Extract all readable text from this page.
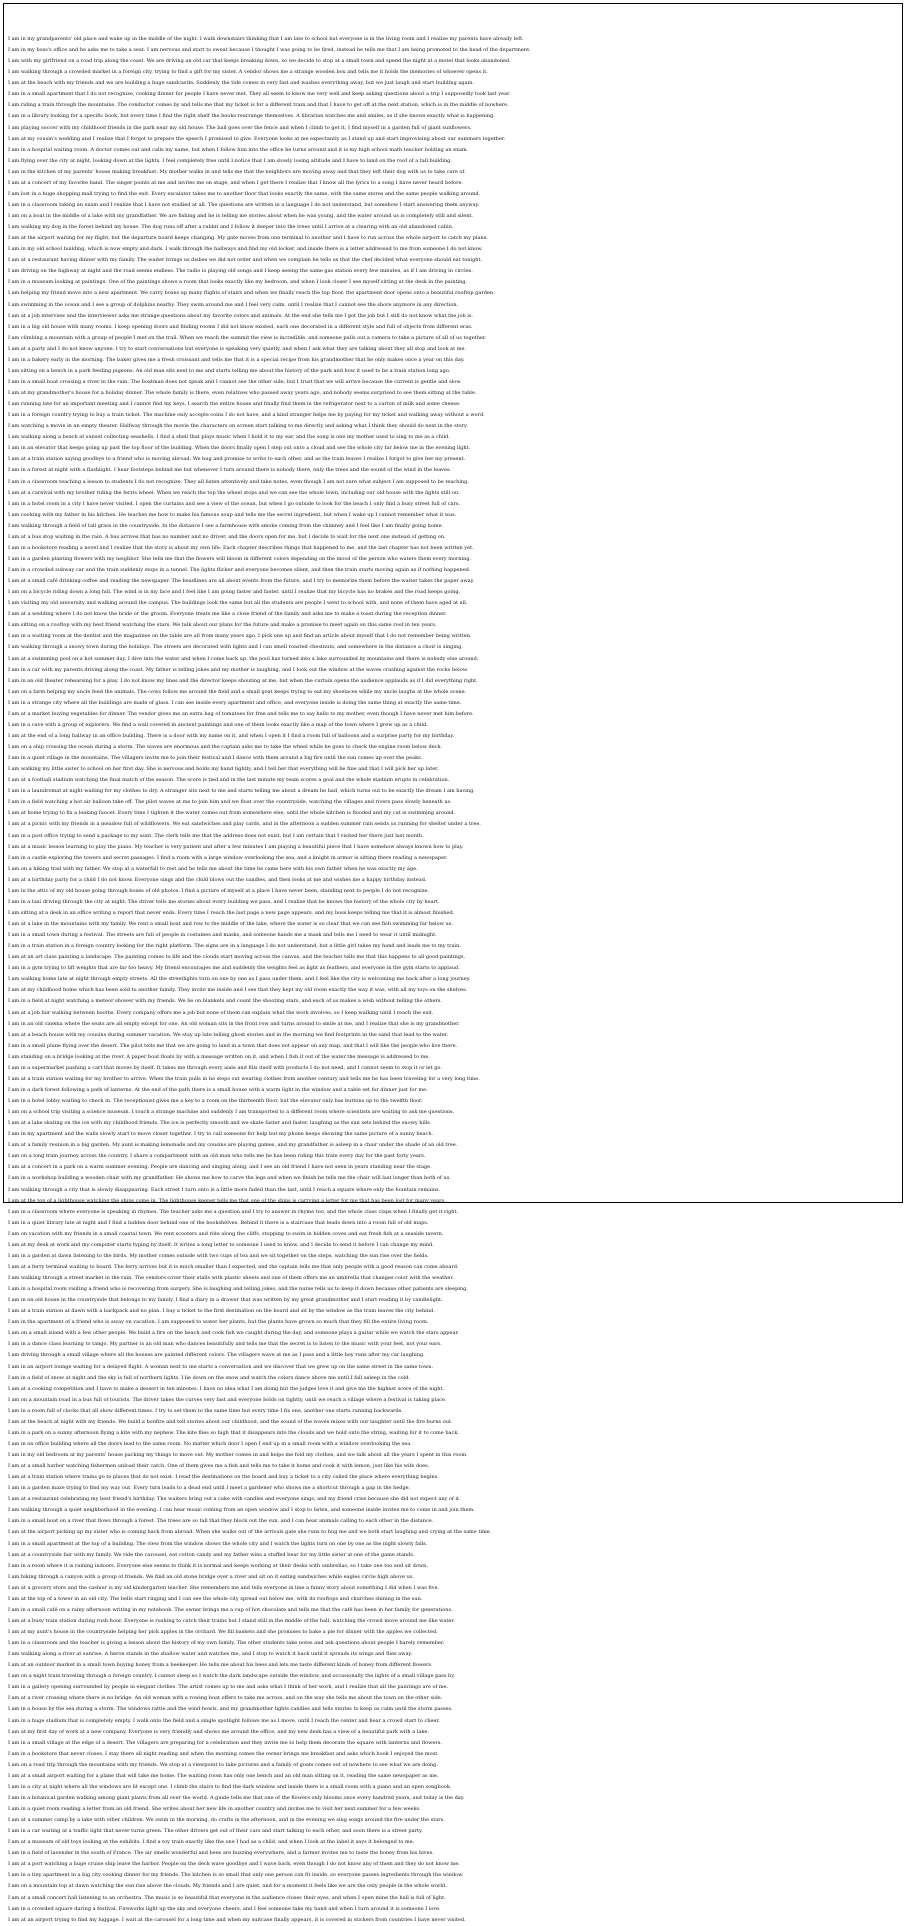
I am in my grandparents' old place and wake up in the middle of the night. I walk downstairs thinking that I am late to school but everyone is in the living room and I realize my parents have already left.
I am in my boss's office and he asks me to take a seat. I am nervous and start to sweat because I thought I was going to be fired, instead he tells me that I am being promoted to the head of the department.
I am with my girlfriend on a road trip along the coast. We are driving an old car that keeps breaking down, so we decide to stop at a small town and spend the night at a motel that looks abandoned.
I am walking through a crowded market in a foreign city, trying to find a gift for my sister. A vendor shows me a strange wooden box and tells me it holds the memories of whoever opens it.
I am at the beach with my friends and we are building a huge sandcastle. Suddenly the tide comes in very fast and washes everything away, but we just laugh and start building again.
I am in a small apartment that I do not recognize, cooking dinner for people I have never met. They all seem to know me very well and keep asking questions about a trip I supposedly took last year.
I am riding a train through the mountains. The conductor comes by and tells me that my ticket is for a different train and that I have to get off at the next station, which is in the middle of nowhere.
I am in a library looking for a specific book, but every time I find the right shelf the books rearrange themselves. A librarian watches me and smiles, as if she knows exactly what is happening.
I am playing soccer with my childhood friends in the park near my old house. The ball goes over the fence and when I climb to get it, I find myself in a garden full of giant sunflowers.
I am at my cousin's wedding and I realize that I forgot to prepare the speech I promised to give. Everyone looks at me expectantly as I stand up and start improvising about our summers together.
I am in a hospital waiting room. A doctor comes out and calls my name, but when I follow him into the office he turns around and it is my high school math teacher holding an exam.
I am flying over the city at night, looking down at the lights. I feel completely free until I notice that I am slowly losing altitude and I have to land on the roof of a tall building.
I am in the kitchen of my parents' house making breakfast. My mother walks in and tells me that the neighbors are moving away and that they left their dog with us to take care of.
I am at a concert of my favorite band. The singer points at me and invites me on stage, and when I get there I realize that I know all the lyrics to a song I have never heard before.
I am lost in a huge shopping mall trying to find the exit. Every escalator takes me to another floor that looks exactly the same, with the same stores and the same people walking around.
I am in a classroom taking an exam and I realize that I have not studied at all. The questions are written in a language I do not understand, but somehow I start answering them anyway.
I am on a boat in the middle of a lake with my grandfather. We are fishing and he is telling me stories about when he was young, and the water around us is completely still and silent.
I am walking my dog in the forest behind my house. The dog runs off after a rabbit and I follow it deeper into the trees until I arrive at a clearing with an old abandoned cabin.
I am at the airport waiting for my flight, but the departure board keeps changing. My gate moves from one terminal to another and I have to run across the whole airport to catch my plane.
I am in my old school building, which is now empty and dark. I walk through the hallways and find my old locker, and inside there is a letter addressed to me from someone I do not know.
I am at a restaurant having dinner with my family. The waiter brings us dishes we did not order and when we complain he tells us that the chef decided what everyone should eat tonight.
I am driving on the highway at night and the road seems endless. The radio is playing old songs and I keep seeing the same gas station every few minutes, as if I am driving in circles.
I am in a museum looking at paintings. One of the paintings shows a room that looks exactly like my bedroom, and when I look closer I see myself sitting at the desk in the painting.
I am helping my friend move into a new apartment. We carry boxes up many flights of stairs and when we finally reach the top floor, the apartment door opens onto a beautiful rooftop garden.
I am swimming in the ocean and I see a group of dolphins nearby. They swim around me and I feel very calm, until I realize that I cannot see the shore anymore in any direction.
I am at a job interview and the interviewer asks me strange questions about my favorite colors and animals. At the end she tells me I got the job but I still do not know what the job is.
I am in a big old house with many rooms. I keep opening doors and finding rooms I did not know existed, each one decorated in a different style and full of objects from different eras.
I am climbing a mountain with a group of people I met on the trail. When we reach the summit the view is incredible, and someone pulls out a camera to take a picture of all of us together.
I am at a party and I do not know anyone. I try to start conversations but everyone is speaking very quietly, and when I ask what they are talking about they all stop and look at me.
I am in a bakery early in the morning. The baker gives me a fresh croissant and tells me that it is a special recipe from his grandmother that he only makes once a year on this day.
I am sitting on a bench in a park feeding pigeons. An old man sits next to me and starts telling me about the history of the park and how it used to be a train station long ago.
I am in a small boat crossing a river in the rain. The boatman does not speak and I cannot see the other side, but I trust that we will arrive because the current is gentle and slow.
I am at my grandmother's house for a holiday dinner. The whole family is there, even relatives who passed away years ago, and nobody seems surprised to see them sitting at the table.
I am running late for an important meeting and I cannot find my keys. I search the entire house and finally find them in the refrigerator next to a carton of milk and some cheese.
I am in a foreign country trying to buy a train ticket. The machine only accepts coins I do not have, and a kind stranger helps me by paying for my ticket and walking away without a word.
I am watching a movie in an empty theater. Halfway through the movie the characters on screen start talking to me directly and asking what I think they should do next in the story.
I am walking along a beach at sunset collecting seashells. I find a shell that plays music when I hold it to my ear, and the song is one my mother used to sing to me as a child.
I am in an elevator that keeps going up past the top floor of the building. When the doors finally open I step out onto a cloud and see the whole city far below me in the evening light.
I am at a train station saying goodbye to a friend who is moving abroad. We hug and promise to write to each other, and as the train leaves I realize I forgot to give her my present.
I am in a forest at night with a flashlight. I hear footsteps behind me but whenever I turn around there is nobody there, only the trees and the sound of the wind in the leaves.
I am in a classroom teaching a lesson to students I do not recognize. They all listen attentively and take notes, even though I am not sure what subject I am supposed to be teaching.
I am at a carnival with my brother riding the ferris wheel. When we reach the top the wheel stops and we can see the whole town, including our old house with the lights still on.
I am in a hotel room in a city I have never visited. I open the curtains and see a view of the ocean, but when I go outside to look for the beach I only find a busy street full of cars.
I am cooking with my father in his kitchen. He teaches me how to make his famous soup and tells me the secret ingredient, but when I wake up I cannot remember what it was.
I am walking through a field of tall grass in the countryside. In the distance I see a farmhouse with smoke coming from the chimney and I feel like I am finally going home.
I am at a bus stop waiting in the rain. A bus arrives that has no number and no driver, and the doors open for me, but I decide to wait for the next one instead of getting on.
I am in a bookstore reading a novel and I realize that the story is about my own life. Each chapter describes things that happened to me, and the last chapter has not been written yet.
I am in a garden planting flowers with my neighbor. She tells me that the flowers will bloom in different colors depending on the mood of the person who waters them every morning.
I am in a crowded subway car and the train suddenly stops in a tunnel. The lights flicker and everyone becomes silent, and then the train starts moving again as if nothing happened.
I am at a small café drinking coffee and reading the newspaper. The headlines are all about events from the future, and I try to memorize them before the waiter takes the paper away.
I am on a bicycle riding down a long hill. The wind is in my face and I feel like I am going faster and faster, until I realize that my bicycle has no brakes and the road keeps going.
I am visiting my old university and walking around the campus. The buildings look the same but all the students are people I went to school with, and none of them have aged at all.
I am at a wedding where I do not know the bride or the groom. Everyone treats me like a close friend of the family and asks me to make a toast during the reception dinner.
I am sitting on a rooftop with my best friend watching the stars. We talk about our plans for the future and make a promise to meet again on this same roof in ten years.
I am in a waiting room at the dentist and the magazines on the table are all from many years ago. I pick one up and find an article about myself that I do not remember being written.
I am walking through a snowy town during the holidays. The streets are decorated with lights and I can smell roasted chestnuts, and somewhere in the distance a choir is singing.
I am at a swimming pool on a hot summer day. I dive into the water and when I come back up, the pool has turned into a lake surrounded by mountains and there is nobody else around.
I am in a car with my parents driving along the coast. My father is telling jokes and my mother is laughing, and I look out the window at the waves crashing against the rocks below.
I am in an old theater rehearsing for a play. I do not know my lines and the director keeps shouting at me, but when the curtain opens the audience applauds as if I did everything right.
I am on a farm helping my uncle feed the animals. The cows follow me around the field and a small goat keeps trying to eat my shoelaces while my uncle laughs at the whole scene.
I am in a strange city where all the buildings are made of glass. I can see inside every apartment and office, and everyone inside is doing the same thing at exactly the same time.
I am at a market buying vegetables for dinner. The vendor gives me an extra bag of tomatoes for free and tells me to say hello to my mother, even though I have never met him before.
I am in a cave with a group of explorers. We find a wall covered in ancient paintings and one of them looks exactly like a map of the town where I grew up as a child.
I am at the end of a long hallway in an office building. There is a door with my name on it, and when I open it I find a room full of balloons and a surprise party for my birthday.
I am on a ship crossing the ocean during a storm. The waves are enormous and the captain asks me to take the wheel while he goes to check the engine room below deck.
I am in a quiet village in the mountains. The villagers invite me to join their festival and I dance with them around a big fire until the sun comes up over the peaks.
I am walking my little sister to school on her first day. She is nervous and holds my hand tightly, and I tell her that everything will be fine and that I will pick her up later.
I am at a football stadium watching the final match of the season. The score is tied and in the last minute my team scores a goal and the whole stadium erupts in celebration.
I am in a laundromat at night waiting for my clothes to dry. A stranger sits next to me and starts telling me about a dream he had, which turns out to be exactly the dream I am having.
I am in a field watching a hot air balloon take off. The pilot waves at me to join him and we float over the countryside, watching the villages and rivers pass slowly beneath us.
I am at home trying to fix a leaking faucet. Every time I tighten it the water comes out from somewhere else, until the whole kitchen is flooded and my cat is swimming around.
I am at a picnic with my friends in a meadow full of wildflowers. We eat sandwiches and play cards, and in the afternoon a sudden summer rain sends us running for shelter under a tree.
I am in a post office trying to send a package to my aunt. The clerk tells me that the address does not exist, but I am certain that I visited her there just last month.
I am at a music lesson learning to play the piano. My teacher is very patient and after a few minutes I am playing a beautiful piece that I have somehow always known how to play.
I am in a castle exploring the towers and secret passages. I find a room with a large window overlooking the sea, and a knight in armor is sitting there reading a newspaper.
I am on a hiking trail with my father. We stop at a waterfall to rest and he tells me about the time he came here with his own father when he was exactly my age.
I am at a birthday party for a child I do not know. Everyone sings and the child blows out the candles, and then looks at me and wishes me a happy birthday instead.
I am in the attic of my old house going through boxes of old photos. I find a picture of myself at a place I have never been, standing next to people I do not recognize.
I am in a taxi driving through the city at night. The driver tells me stories about every building we pass, and I realize that he knows the history of the whole city by heart.
I am sitting at a desk in an office writing a report that never ends. Every time I reach the last page a new page appears, and my boss keeps telling me that it is almost finished.
I am at a lake in the mountains with my family. We rent a small boat and row to the middle of the lake, where the water is so clear that we can see fish swimming far below us.
I am in a small town during a festival. The streets are full of people in costumes and masks, and someone hands me a mask and tells me I need to wear it until midnight.
I am in a train station in a foreign country looking for the right platform. The signs are in a language I do not understand, but a little girl takes my hand and leads me to my train.
I am at an art class painting a landscape. The painting comes to life and the clouds start moving across the canvas, and the teacher tells me that this happens to all good paintings.
I am in a gym trying to lift weights that are far too heavy. My friend encourages me and suddenly the weights feel as light as feathers, and everyone in the gym starts to applaud.
I am walking home late at night through empty streets. All the streetlights turn on one by one as I pass under them, and I feel like the city is welcoming me back after a long journey.
I am at my childhood home which has been sold to another family. They invite me inside and I see that they kept my old room exactly the way it was, with all my toys on the shelves.
I am in a field at night watching a meteor shower with my friends. We lie on blankets and count the shooting stars, and each of us makes a wish without telling the others.
I am at a job fair walking between booths. Every company offers me a job but none of them can explain what the work involves, so I keep walking until I reach the exit.
I am in an old cinema where the seats are all empty except for one. An old woman sits in the front row and turns around to smile at me, and I realize that she is my grandmother.
I am at a beach house with my cousins during summer vacation. We stay up late telling ghost stories and in the morning we find footprints in the sand that lead to the water.
I am in a small plane flying over the desert. The pilot tells me that we are going to land in a town that does not appear on any map, and that I will like the people who live there.
I am standing on a bridge looking at the river. A paper boat floats by with a message written on it, and when I fish it out of the water the message is addressed to me.
I am in a supermarket pushing a cart that moves by itself. It takes me through every aisle and fills itself with products I do not need, and I cannot seem to stop it or let go.
I am at a train station waiting for my brother to arrive. When the train pulls in he steps out wearing clothes from another century and tells me he has been traveling for a very long time.
I am in a dark forest following a path of lanterns. At the end of the path there is a small house with a warm light in the window and a table set for dinner just for me.
I am in a hotel lobby waiting to check in. The receptionist gives me a key to a room on the thirteenth floor, but the elevator only has buttons up to the twelfth floor.
I am on a school trip visiting a science museum. I touch a strange machine and suddenly I am transported to a different room where scientists are waiting to ask me questions.
I am at a lake skating on the ice with my childhood friends. The ice is perfectly smooth and we skate faster and faster, laughing as the sun sets behind the snowy hills.
I am in my apartment and the walls slowly start to move closer together. I try to call someone for help but my phone keeps showing the same picture of a sunny beach.
I am at a family reunion in a big garden. My aunt is making lemonade and my cousins are playing games, and my grandfather is asleep in a chair under the shade of an old tree.
I am on a long train journey across the country. I share a compartment with an old man who tells me he has been riding this train every day for the past forty years.
I am at a concert in a park on a warm summer evening. People are dancing and singing along, and I see an old friend I have not seen in years standing near the stage.
I am in a workshop building a wooden chair with my grandfather. He shows me how to carve the legs and when we finish he tells me the chair will last longer than both of us.
I am walking through a city that is slowly disappearing. Each street I turn onto is a little more faded than the last, until I reach a square where only the fountain remains.
I am at the top of a lighthouse watching the ships come in. The lighthouse keeper tells me that one of the ships is carrying a letter for me that has been lost for many years.
I am in a classroom where everyone is speaking in rhymes. The teacher asks me a question and I try to answer in rhyme too, and the whole class claps when I finally get it right.
I am in a quiet library late at night and I find a hidden door behind one of the bookshelves. Behind it there is a staircase that leads down into a room full of old maps.
I am on vacation with my friends in a small coastal town. We rent scooters and ride along the cliffs, stopping to swim in hidden coves and eat fresh fish at a seaside tavern.
I am at my desk at work and my computer starts typing by itself. It writes a long letter to someone I used to know, and I decide to send it before I can change my mind.
I am in a garden at dawn listening to the birds. My mother comes outside with two cups of tea and we sit together on the steps, watching the sun rise over the fields.
I am at a ferry terminal waiting to board. The ferry arrives but it is much smaller than I expected, and the captain tells me that only people with a good reason can come aboard.
I am walking through a street market in the rain. The vendors cover their stalls with plastic sheets and one of them offers me an umbrella that changes color with the weather.
I am in a hospital room visiting a friend who is recovering from surgery. She is laughing and telling jokes, and the nurse tells us to keep it down because other patients are sleeping.
I am in an old house in the countryside that belongs to my family. I find a diary in a drawer that was written by my great grandmother and I start reading it by candlelight.
I am at a train station at dawn with a backpack and no plan. I buy a ticket to the first destination on the board and sit by the window as the train leaves the city behind.
I am in the apartment of a friend who is away on vacation. I am supposed to water her plants, but the plants have grown so much that they fill the entire living room.
I am on a small island with a few other people. We build a fire on the beach and cook fish we caught during the day, and someone plays a guitar while we watch the stars appear.
I am in a dance class learning to tango. My partner is an old man who dances beautifully and tells me that the secret is to listen to the music with your feet, not your ears.
I am driving through a small village where all the houses are painted different colors. The villagers wave at me as I pass and a little boy runs after my car laughing.
I am in an airport lounge waiting for a delayed flight. A woman next to me starts a conversation and we discover that we grew up on the same street in the same town.
I am in a field of snow at night and the sky is full of northern lights. I lie down on the snow and watch the colors dance above me until I fall asleep in the cold.
I am at a cooking competition and I have to make a dessert in ten minutes. I have no idea what I am doing but the judges love it and give me the highest score of the night.
I am on a mountain road in a bus full of tourists. The driver takes the curves very fast and everyone holds on tightly, until we reach a village where a festival is taking place.
I am in a room full of clocks that all show different times. I try to set them to the same time but every time I fix one, another one starts running backwards.
I am at the beach at night with my friends. We build a bonfire and tell stories about our childhood, and the sound of the waves mixes with our laughter until the fire burns out.
I am in a park on a sunny afternoon flying a kite with my nephew. The kite flies so high that it disappears into the clouds and we hold onto the string, waiting for it to come back.
I am in an office building where all the doors lead to the same room. No matter which door I open I end up in a small room with a window overlooking the sea.
I am in my old bedroom at my parents' house packing my things to move out. My mother comes in and helps me fold my clothes, and we talk about all the years I spent in this room.
I am at a small harbor watching fishermen unload their catch. One of them gives me a fish and tells me to take it home and cook it with lemon, just like his wife does.
I am at a train station where trains go to places that do not exist. I read the destinations on the board and buy a ticket to a city called the place where everything begins.
I am in a garden maze trying to find my way out. Every turn leads to a dead end until I meet a gardener who shows me a shortcut through a gap in the hedge.
I am at a restaurant celebrating my best friend's birthday. The waiters bring out a cake with candles and everyone sings, and my friend cries because she did not expect any of it.
I am walking through a quiet neighborhood in the evening. I can hear music coming from an open window and I stop to listen, and someone inside invites me to come in and join them.
I am in a small boat on a river that flows through a forest. The trees are so tall that they block out the sun, and I can hear animals calling to each other in the distance.
I am at the airport picking up my sister who is coming back from abroad. When she walks out of the arrivals gate she runs to hug me and we both start laughing and crying at the same time.
I am in a small apartment at the top of a building. The view from the window shows the whole city and I watch the lights turn on one by one as the night slowly falls.
I am at a countryside fair with my family. We ride the carousel, eat cotton candy and my father wins a stuffed bear for my little sister at one of the game stands.
I am in a room where it is raining indoors. Everyone else seems to think it is normal and keeps working at their desks with umbrellas, so I take one too and sit down.
I am hiking through a canyon with a group of friends. We find an old stone bridge over a river and sit on it eating sandwiches while eagles circle high above us.
I am at a grocery store and the cashier is my old kindergarten teacher. She remembers me and tells everyone in line a funny story about something I did when I was five.
I am at the top of a tower in an old city. The bells start ringing and I can see the whole city spread out below me, with its rooftops and churches shining in the sun.
I am in a small café on a rainy afternoon writing in my notebook. The owner brings me a cup of hot chocolate and tells me that the café has been in her family for generations.
I am at a busy train station during rush hour. Everyone is rushing to catch their trains but I stand still in the middle of the hall, watching the crowd move around me like water.
I am at my aunt's house in the countryside helping her pick apples in the orchard. We fill baskets and she promises to bake a pie for dinner with the apples we collected.
I am in a classroom and the teacher is giving a lesson about the history of my own family. The other students take notes and ask questions about people I barely remember.
I am walking along a river at sunrise. A heron stands in the shallow water and watches me, and I stop to watch it back until it spreads its wings and flies away.
I am at an outdoor market in a small town buying honey from a beekeeper. He tells me about his bees and lets me taste different kinds of honey from different flowers.
I am on a night train traveling through a foreign country. I cannot sleep so I watch the dark landscape outside the window, and occasionally the lights of a small village pass by.
I am in a gallery opening surrounded by people in elegant clothes. The artist comes up to me and asks what I think of her work, and I realize that all the paintings are of me.
I am at a river crossing where there is no bridge. An old woman with a rowing boat offers to take me across, and on the way she tells me about the town on the other side.
I am in a house by the sea during a storm. The windows rattle and the wind howls, and my grandmother lights candles and tells stories to keep us calm until the storm passes.
I am in a huge stadium that is completely empty. I walk onto the field and a single spotlight follows me as I move, until I reach the center and hear a crowd start to cheer.
I am at my first day of work at a new company. Everyone is very friendly and shows me around the office, and my new desk has a view of a beautiful park with a lake.
I am in a small village at the edge of a desert. The villagers are preparing for a celebration and they invite me to help them decorate the square with lanterns and flowers.
I am in a bookstore that never closes. I stay there all night reading and when the morning comes the owner brings me breakfast and asks which book I enjoyed the most.
I am on a road trip through the mountains with my friends. We stop at a viewpoint to take pictures and a family of goats comes out of nowhere to see what we are doing.
I am at a small airport waiting for a plane that will take me home. The waiting room has only one bench and an old man sitting on it, reading the same newspaper as me.
I am in a city at night where all the windows are lit except one. I climb the stairs to find the dark window and inside there is a small room with a piano and an open songbook.
I am in a botanical garden walking among giant plants from all over the world. A guide tells me that one of the flowers only blooms once every hundred years, and today is the day.
I am in a quiet room reading a letter from an old friend. She writes about her new life in another country and invites me to visit her next summer for a few weeks.
I am at a summer camp by a lake with other children. We swim in the morning, do crafts in the afternoon, and in the evening we sing songs around the fire under the stars.
I am in a car waiting at a traffic light that never turns green. The other drivers get out of their cars and start talking to each other, and soon there is a street party.
I am at a museum of old toys looking at the exhibits. I find a toy train exactly like the one I had as a child, and when I look at the label it says it belonged to me.
I am in a field of lavender in the south of France. The air smells wonderful and bees are buzzing everywhere, and a farmer invites me to taste the honey from his hives.
I am at a port watching a huge cruise ship leave the harbor. People on the deck wave goodbye and I wave back, even though I do not know any of them and they do not know me.
I am in a tiny apartment in a big city cooking dinner for my friends. The kitchen is so small that only one person can fit inside, so everyone passes ingredients through the window.
I am on a mountain top at dawn watching the sun rise above the clouds. My friends and I are quiet, and for a moment it feels like we are the only people in the whole world.
I am at a small concert hall listening to an orchestra. The music is so beautiful that everyone in the audience closes their eyes, and when I open mine the hall is full of light.
I am in a crowded square during a festival. Fireworks light up the sky and everyone cheers, and I feel someone take my hand and when I turn around it is someone I love.
I am at an airport trying to find my luggage. I wait at the carousel for a long time and when my suitcase finally appears, it is covered in stickers from countries I have never visited.
